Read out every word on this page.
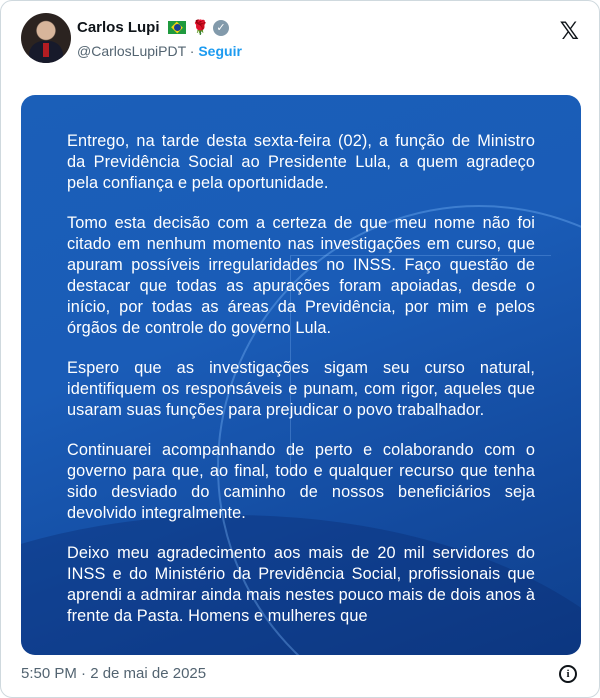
Carlos Lupi 🌹 ✓
@CarlosLupiPDT · Seguir
𝕏

Entrego, na tarde desta sexta-feira (02), a função de Ministro da Previdência Social ao Presidente Lula, a quem agradeço pela confiança e pela oportunidade.

Tomo esta decisão com a certeza de que meu nome não foi citado em nenhum momento nas investigações em curso, que apuram possíveis irregularidades no INSS. Faço questão de destacar que todas as apurações foram apoiadas, desde o início, por todas as áreas da Previdência, por mim e pelos órgãos de controle do governo Lula.

Espero que as investigações sigam seu curso natural, identifiquem os responsáveis e punam, com rigor, aqueles que usaram suas funções para prejudicar o povo trabalhador.

Continuarei acompanhando de perto e colaborando com o governo para que, ao final, todo e qualquer recurso que tenha sido desviado do caminho de nossos beneficiários seja devolvido integralmente.

Deixo meu agradecimento aos mais de 20 mil servidores do INSS e do Ministério da Previdência Social, profissionais que aprendi a admirar ainda mais nestes pouco mais de dois anos à frente da Pasta. Homens e mulheres que

5:50 PM · 2 de mai de 2025	i
